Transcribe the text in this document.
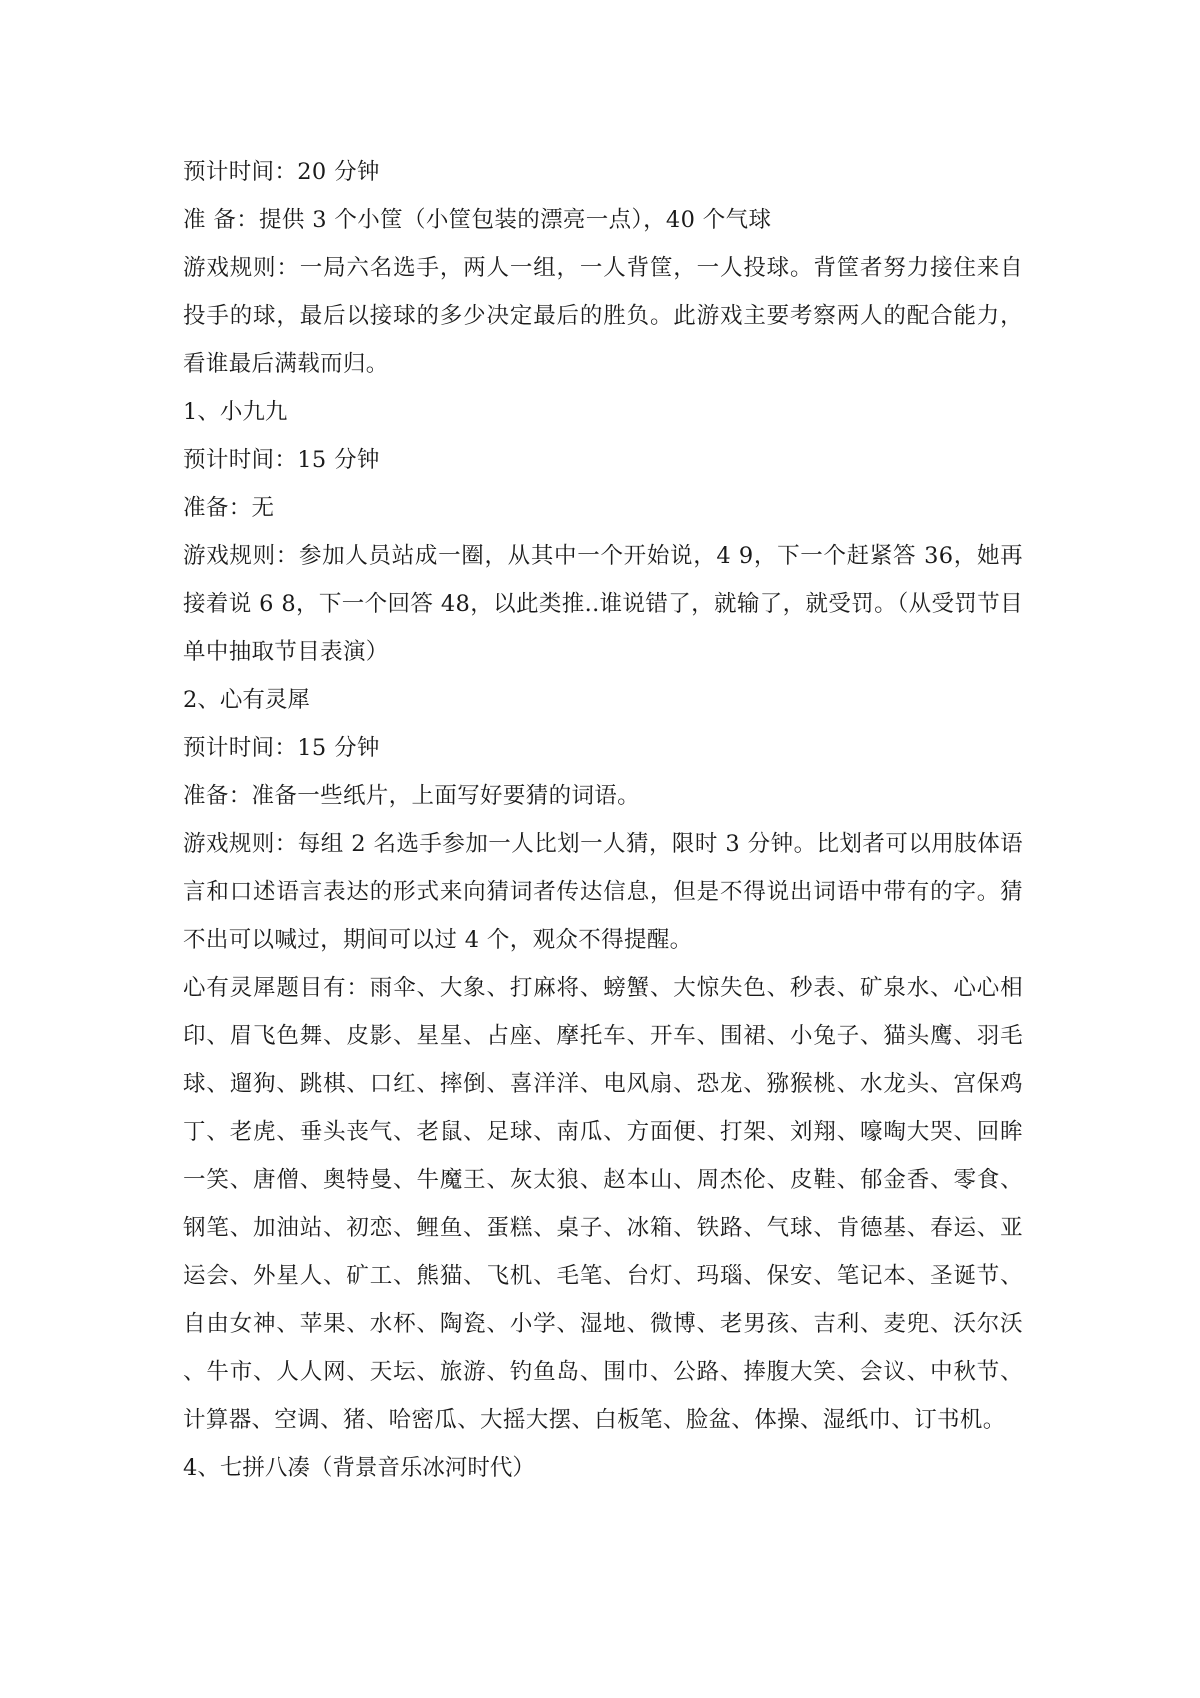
预计时间：20 分钟

准 备：提供 3 个小筐（小筐包装的漂亮一点），40 个气球

游戏规则：一局六名选手，两人一组，一人背筐，一人投球。背筐者努力接住来自投手的球，最后以接球的多少决定最后的胜负。此游戏主要考察两人的配合能力，看谁最后满载而归。

1、小九九

预计时间：15 分钟

准备：无

游戏规则：参加人员站成一圈，从其中一个开始说，4 9，下一个赶紧答 36，她再接着说 6 8，下一个回答 48，以此类推..谁说错了，就输了，就受罚。（从受罚节目单中抽取节目表演）

2、心有灵犀

预计时间：15 分钟

准备：准备一些纸片，上面写好要猜的词语。

游戏规则：每组 2 名选手参加一人比划一人猜，限时 3 分钟。比划者可以用肢体语言和口述语言表达的形式来向猜词者传达信息，但是不得说出词语中带有的字。猜不出可以喊过，期间可以过 4 个，观众不得提醒。

心有灵犀题目有：雨伞、大象、打麻将、螃蟹、大惊失色、秒表、矿泉水、心心相印、眉飞色舞、皮影、星星、占座、摩托车、开车、围裙、小兔子、猫头鹰、羽毛球、遛狗、跳棋、口红、摔倒、喜洋洋、电风扇、恐龙、猕猴桃、水龙头、宫保鸡丁、老虎、垂头丧气、老鼠、足球、南瓜、方面便、打架、刘翔、嚎啕大哭、回眸一笑、唐僧、奥特曼、牛魔王、灰太狼、赵本山、周杰伦、皮鞋、郁金香、零食、钢笔、加油站、初恋、鲤鱼、蛋糕、桌子、冰箱、铁路、气球、肯德基、春运、亚运会、外星人、矿工、熊猫、飞机、毛笔、台灯、玛瑙、保安、笔记本、圣诞节、自由女神、苹果、水杯、陶瓷、小学、湿地、微博、老男孩、吉利、麦兜、沃尔沃、牛市、人人网、天坛、旅游、钓鱼岛、围巾、公路、捧腹大笑、会议、中秋节、计算器、空调、猪、哈密瓜、大摇大摆、白板笔、脸盆、体操、湿纸巾、订书机。

4、七拼八凑（背景音乐冰河时代）
